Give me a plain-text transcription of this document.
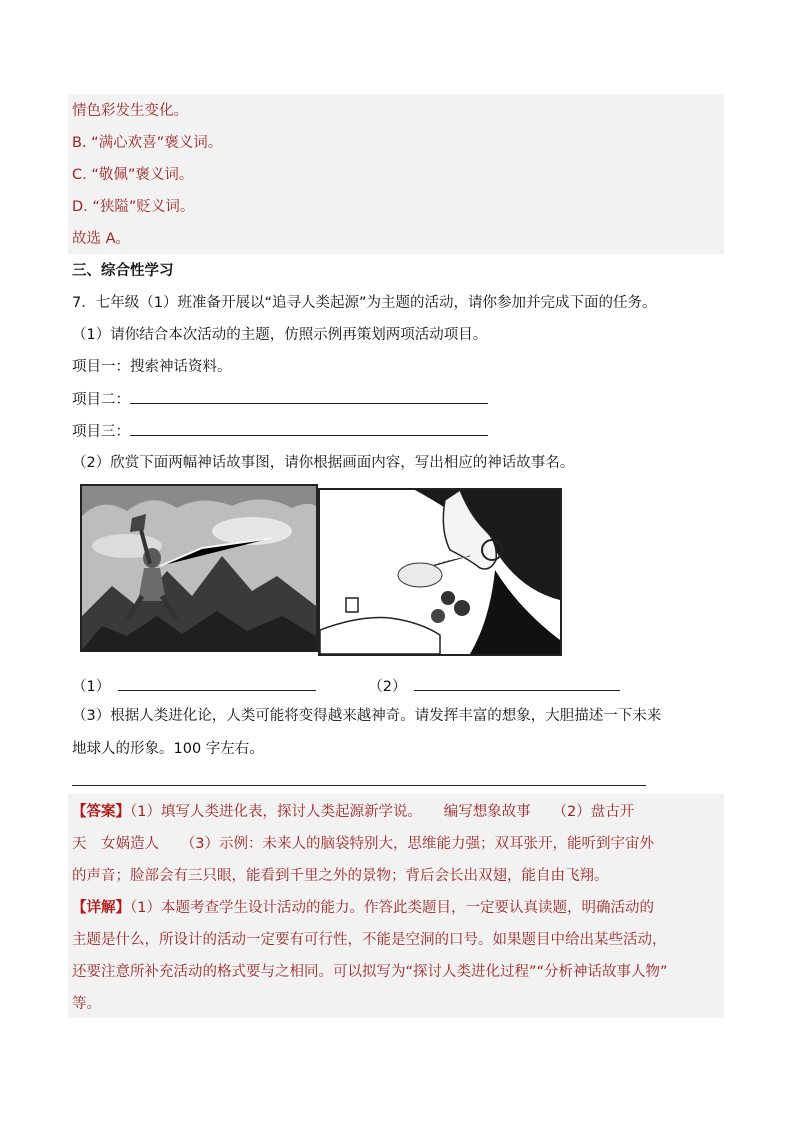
情色彩发生变化。
B. “满心欢喜”褒义词。
C. “敬佩”褒义词。
D. “狭隘”贬义词。
故选 A。
三、综合性学习
7．七年级（1）班准备开展以“追寻人类起源”为主题的活动，请你参加并完成下面的任务。
（1）请你结合本次活动的主题，仿照示例再策划两项活动项目。
项目一：搜索神话资料。
项目二：
项目三：
（2）欣赏下面两幅神话故事图，请你根据画面内容，写出相应的神话故事名。
（1）	（2）
（3）根据人类进化论，人类可能将变得越来越神奇。请发挥丰富的想象，大胆描述一下未来
地球人的形象。100 字左右。
【答案】（1）填写人类进化表，探讨人类起源新学说。　　编写想象故事　　（2）盘古开
天　女娲造人　　（3）示例：未来人的脑袋特别大，思维能力强；双耳张开，能听到宇宙外
的声音；脸部会有三只眼，能看到千里之外的景物；背后会长出双翅，能自由飞翔。
【详解】（1）本题考查学生设计活动的能力。作答此类题目，一定要认真读题，明确活动的
主题是什么，所设计的活动一定要有可行性，不能是空洞的口号。如果题目中给出某些活动，
还要注意所补充活动的格式要与之相同。可以拟写为“探讨人类进化过程”“分析神话故事人物”
等。
